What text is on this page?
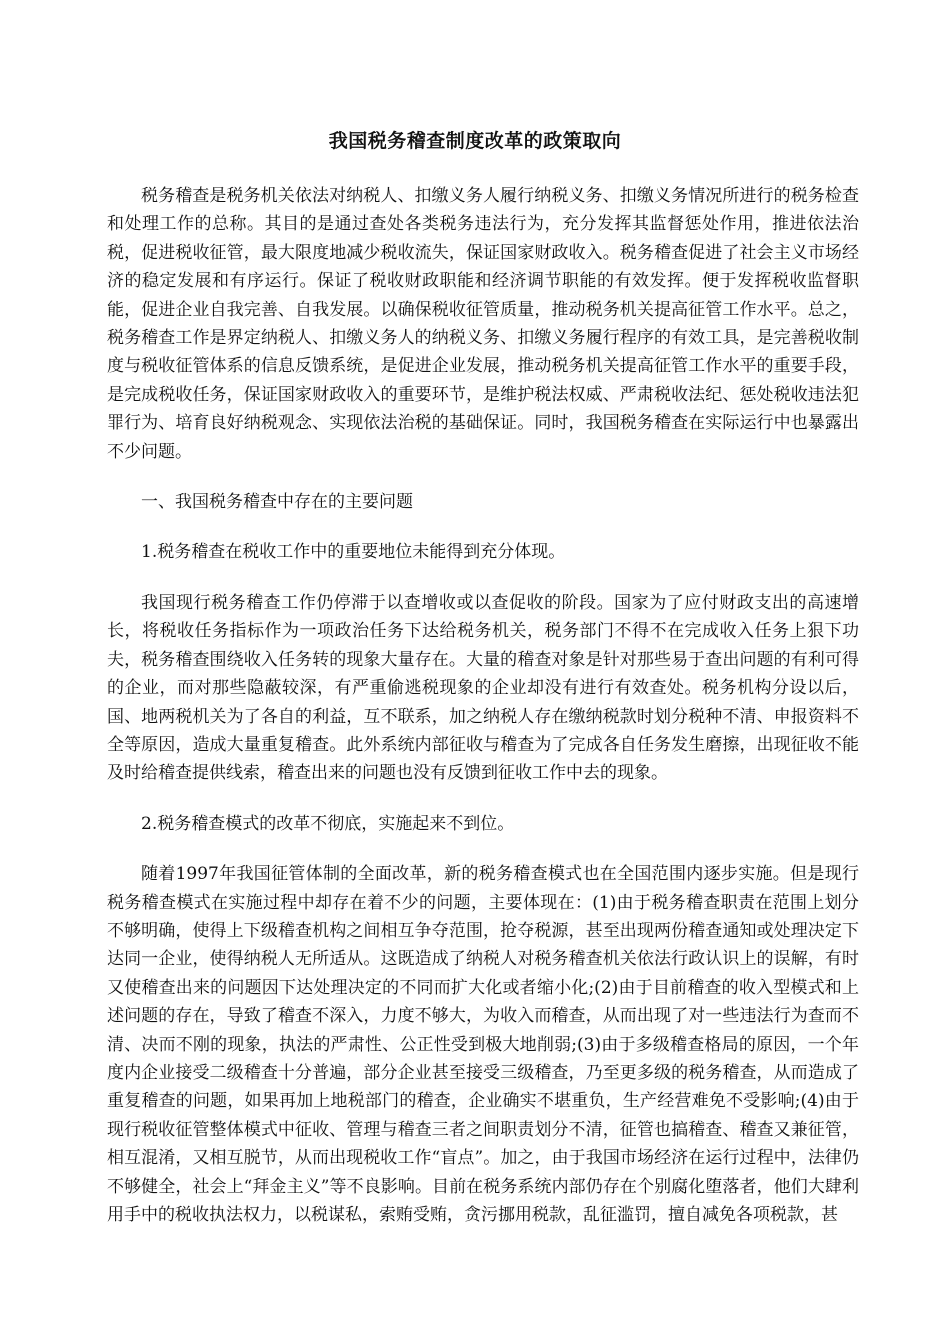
我国税务稽查制度改革的政策取向

税务稽查是税务机关依法对纳税人、扣缴义务人履行纳税义务、扣缴义务情况所进行的税务检查和处理工作的总称。其目的是通过查处各类税务违法行为，充分发挥其监督惩处作用，推进依法治税，促进税收征管，最大限度地减少税收流失，保证国家财政收入。税务稽查促进了社会主义市场经济的稳定发展和有序运行。保证了税收财政职能和经济调节职能的有效发挥。便于发挥税收监督职能，促进企业自我完善、自我发展。以确保税收征管质量，推动税务机关提高征管工作水平。总之，税务稽查工作是界定纳税人、扣缴义务人的纳税义务、扣缴义务履行程序的有效工具，是完善税收制度与税收征管体系的信息反馈系统，是促进企业发展，推动税务机关提高征管工作水平的重要手段，是完成税收任务，保证国家财政收入的重要环节，是维护税法权威、严肃税收法纪、惩处税收违法犯罪行为、培育良好纳税观念、实现依法治税的基础保证。同时，我国税务稽查在实际运行中也暴露出不少问题。

一、我国税务稽查中存在的主要问题

1.税务稽查在税收工作中的重要地位未能得到充分体现。

我国现行税务稽查工作仍停滞于以查增收或以查促收的阶段。国家为了应付财政支出的高速增长，将税收任务指标作为一项政治任务下达给税务机关，税务部门不得不在完成收入任务上狠下功夫，税务稽查围绕收入任务转的现象大量存在。大量的稽查对象是针对那些易于查出问题的有利可得的企业，而对那些隐蔽较深，有严重偷逃税现象的企业却没有进行有效查处。税务机构分设以后，国、地两税机关为了各自的利益，互不联系，加之纳税人存在缴纳税款时划分税种不清、申报资料不全等原因，造成大量重复稽查。此外系统内部征收与稽查为了完成各自任务发生磨擦，出现征收不能及时给稽查提供线索，稽查出来的问题也没有反馈到征收工作中去的现象。

2.税务稽查模式的改革不彻底，实施起来不到位。

随着1997年我国征管体制的全面改革，新的税务稽查模式也在全国范围内逐步实施。但是现行税务稽查模式在实施过程中却存在着不少的问题，主要体现在：(1)由于税务稽查职责在范围上划分不够明确，使得上下级稽查机构之间相互争夺范围，抢夺税源，甚至出现两份稽查通知或处理决定下达同一企业，使得纳税人无所适从。这既造成了纳税人对税务稽查机关依法行政认识上的误解，有时又使稽查出来的问题因下达处理决定的不同而扩大化或者缩小化;(2)由于目前稽查的收入型模式和上述问题的存在，导致了稽查不深入，力度不够大，为收入而稽查，从而出现了对一些违法行为查而不清、决而不刚的现象，执法的严肃性、公正性受到极大地削弱;(3)由于多级稽查格局的原因，一个年度内企业接受二级稽查十分普遍，部分企业甚至接受三级稽查，乃至更多级的税务稽查，从而造成了重复稽查的问题，如果再加上地税部门的稽查，企业确实不堪重负，生产经营难免不受影响;(4)由于现行税收征管整体模式中征收、管理与稽查三者之间职责划分不清，征管也搞稽查、稽查又兼征管，相互混淆，又相互脱节，从而出现税收工作“盲点”。加之，由于我国市场经济在运行过程中，法律仍不够健全，社会上“拜金主义”等不良影响。目前在税务系统内部仍存在个别腐化堕落者，他们大肆利用手中的税收执法权力，以税谋私，索贿受贿，贪污挪用税款，乱征滥罚，擅自减免各项税款，甚
